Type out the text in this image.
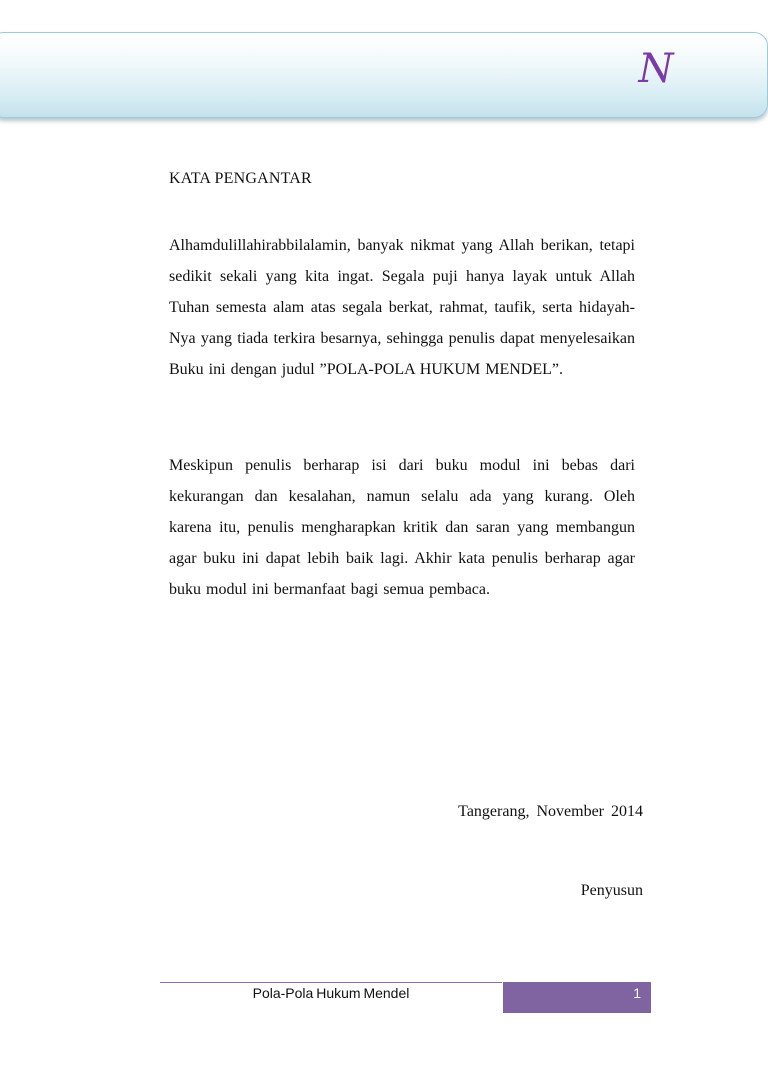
N
KATA PENGANTAR
Alhamdulillahirabbilalamin, banyak nikmat yang Allah berikan, tetapi sedikit sekali yang kita ingat. Segala puji hanya layak untuk Allah Tuhan semesta alam atas segala berkat, rahmat, taufik, serta hidayah-Nya yang tiada terkira besarnya, sehingga penulis dapat menyelesaikan Buku ini dengan judul ”POLA-POLA HUKUM MENDEL”.
Meskipun penulis berharap isi dari buku modul ini bebas dari kekurangan dan kesalahan, namun selalu ada yang kurang. Oleh karena itu, penulis mengharapkan kritik dan saran yang membangun agar buku ini dapat lebih baik lagi. Akhir kata penulis berharap agar buku modul ini bermanfaat bagi semua pembaca.
Tangerang, November 2014
Penyusun
Pola-Pola Hukum Mendel	1
